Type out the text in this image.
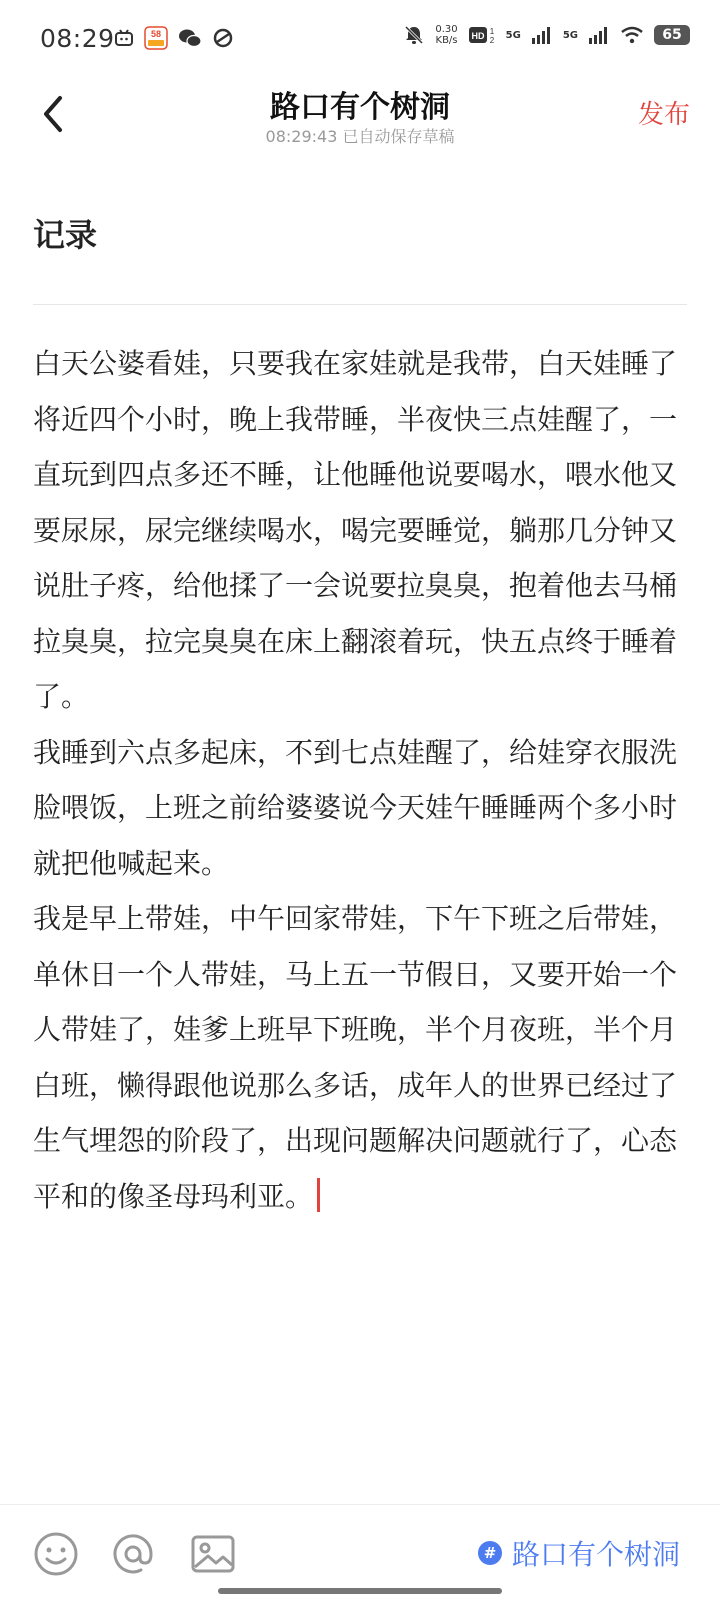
08:29	58	0.30
KB/s HD 1
2 5G	5G	65
路口有个树洞
08:29:43 已自动保存草稿
发布
记录
白天公婆看娃，只要我在家娃就是我带，白天娃睡了将近四个小时，晚上我带睡，半夜快三点娃醒了，一直玩到四点多还不睡，让他睡他说要喝水，喂水他又要尿尿，尿完继续喝水，喝完要睡觉，躺那几分钟又说肚子疼，给他揉了一会说要拉臭臭，抱着他去马桶拉臭臭，拉完臭臭在床上翻滚着玩，快五点终于睡着了。
我睡到六点多起床，不到七点娃醒了，给娃穿衣服洗脸喂饭，上班之前给婆婆说今天娃午睡睡两个多小时就把他喊起来。
我是早上带娃，中午回家带娃，下午下班之后带娃，单休日一个人带娃，马上五一节假日，又要开始一个人带娃了，娃爹上班早下班晚，半个月夜班，半个月白班，懒得跟他说那么多话，成年人的世界已经过了生气埋怨的阶段了，出现问题解决问题就行了，心态平和的像圣母玛利亚。
# 路口有个树洞
